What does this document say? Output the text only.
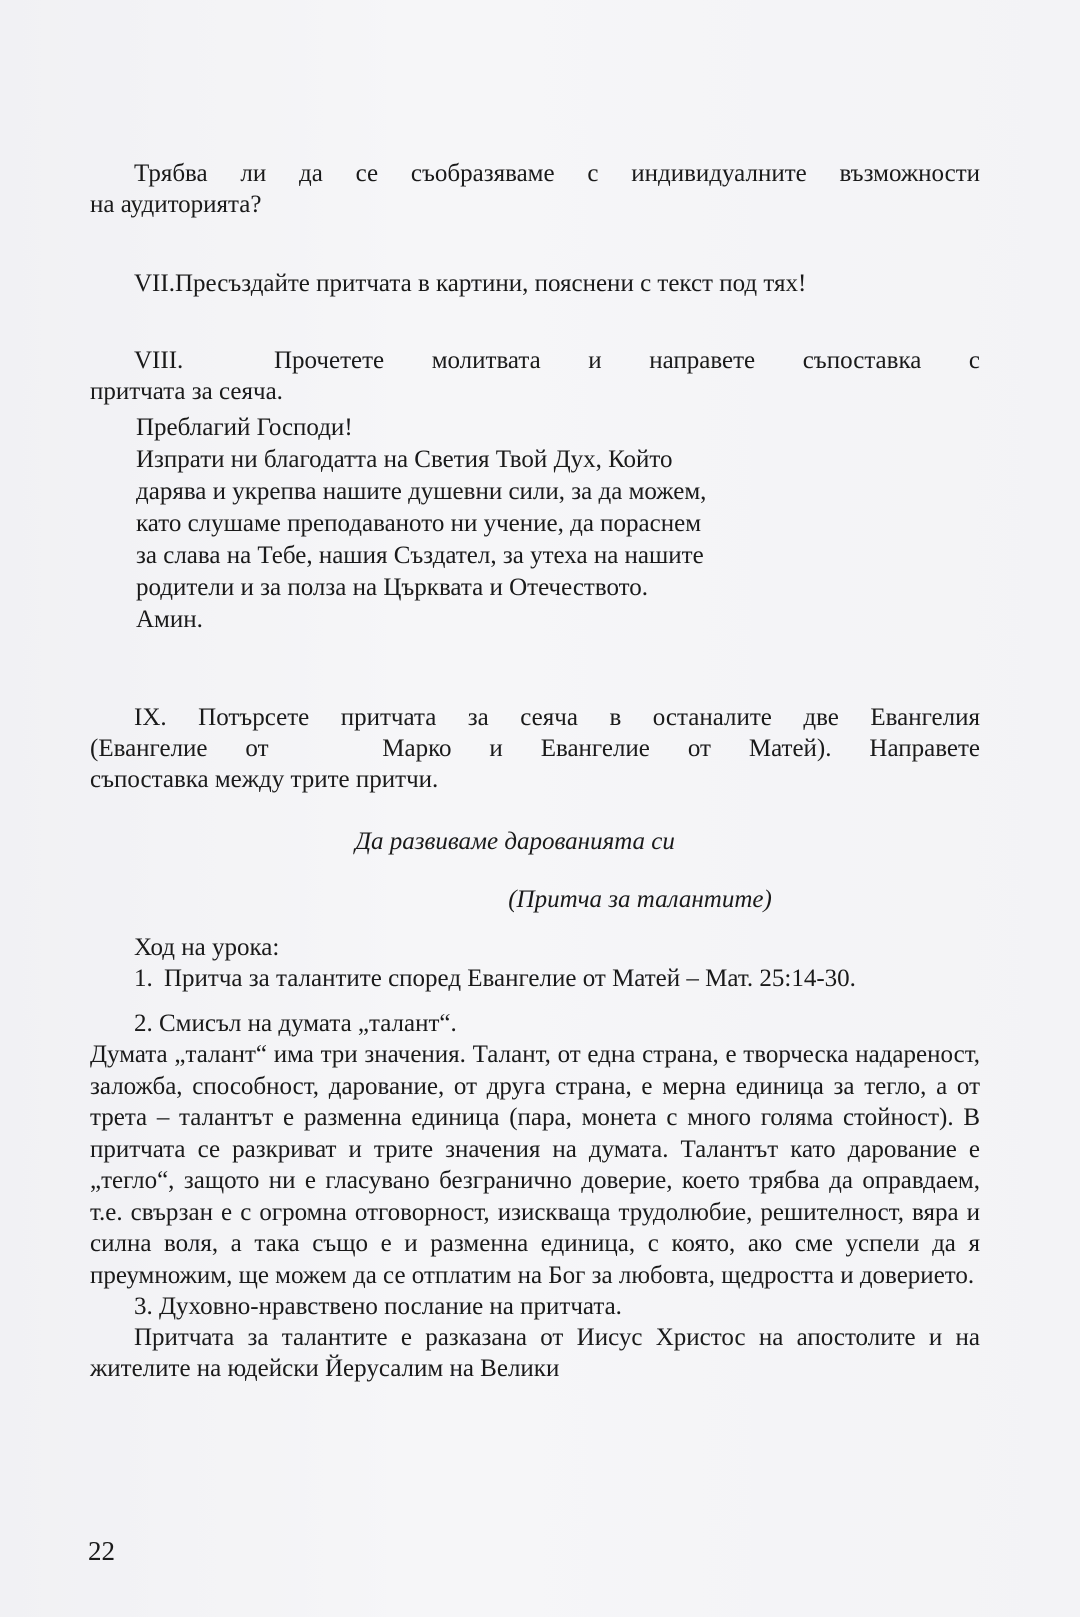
Трябва ли да се съобразяваме с индивидуалните възможности

на аудиторията?

VII.Пресъздайте притчата в картини, пояснени с текст под тях!

VIII.	Прочетете молитвата и направете съпоставка с

притчата за сеяча.

Преблагий Господи!

Изпрати ни благодатта на Светия Твой Дух, Който

дарява и укрепва нашите душевни сили, за да можем,

като слушаме преподаваното ни учение, да пораснем

за слава на Тебе, нашия Създател, за утеха на нашите

родители и за полза на Църквата и Отечеството.

Амин.

IX. Потърсете притчата за сеяча в останалите две Евангелия

(Евангелие от   Марко и Евангелие от Матей). Направете

съпоставка между трите притчи.

Да развиваме дарованията си

(Притча за талантите)

Ход на урока:

1. Притча за талантите според Евангелие от Матей – Мат. 25:14-30.

2. Смисъл на думата „талант“.

Думата „талант“ има три значения. Талант, от една страна, е творческа надареност, заложба, способност, дарование, от друга страна, е мерна единица за тегло, а от трета – талантът е разменна единица (пара, монета с много голяма стойност). В притчата се разкриват и трите значения на думата. Талантът като дарование е „тегло“, защото ни е гласувано безгранично доверие, което трябва да оправдаем, т.е. свързан е с огромна отговорност, изискваща трудолюбие, решителност, вяра и силна воля, а така също е и разменна единица, с която, ако сме успели да я преумножим, ще можем да се отплатим на Бог за любовта, щедростта и доверието.

3. Духовно-нравствено послание на притчата.

Притчата за талантите е разказана от Иисус Христос на апостолите и на жителите на юдейски Йерусалим на Велики

22
